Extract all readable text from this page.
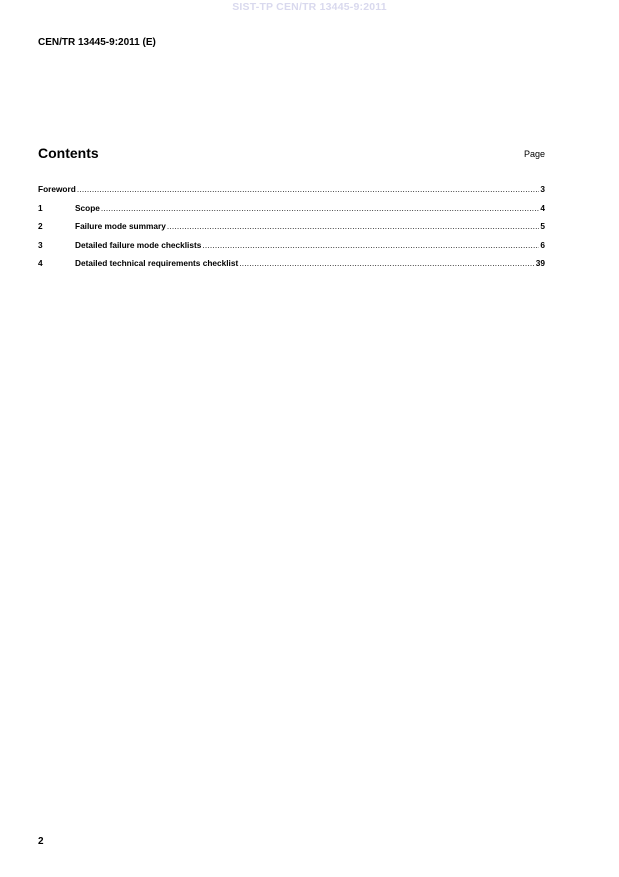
SIST-TP CEN/TR 13445-9:2011
CEN/TR 13445-9:2011 (E)
Contents	Page
Foreword .....	3
1	Scope .....	4
2	Failure mode summary .....	5
3	Detailed failure mode checklists .....	6
4	Detailed technical requirements checklist .....	39
2
